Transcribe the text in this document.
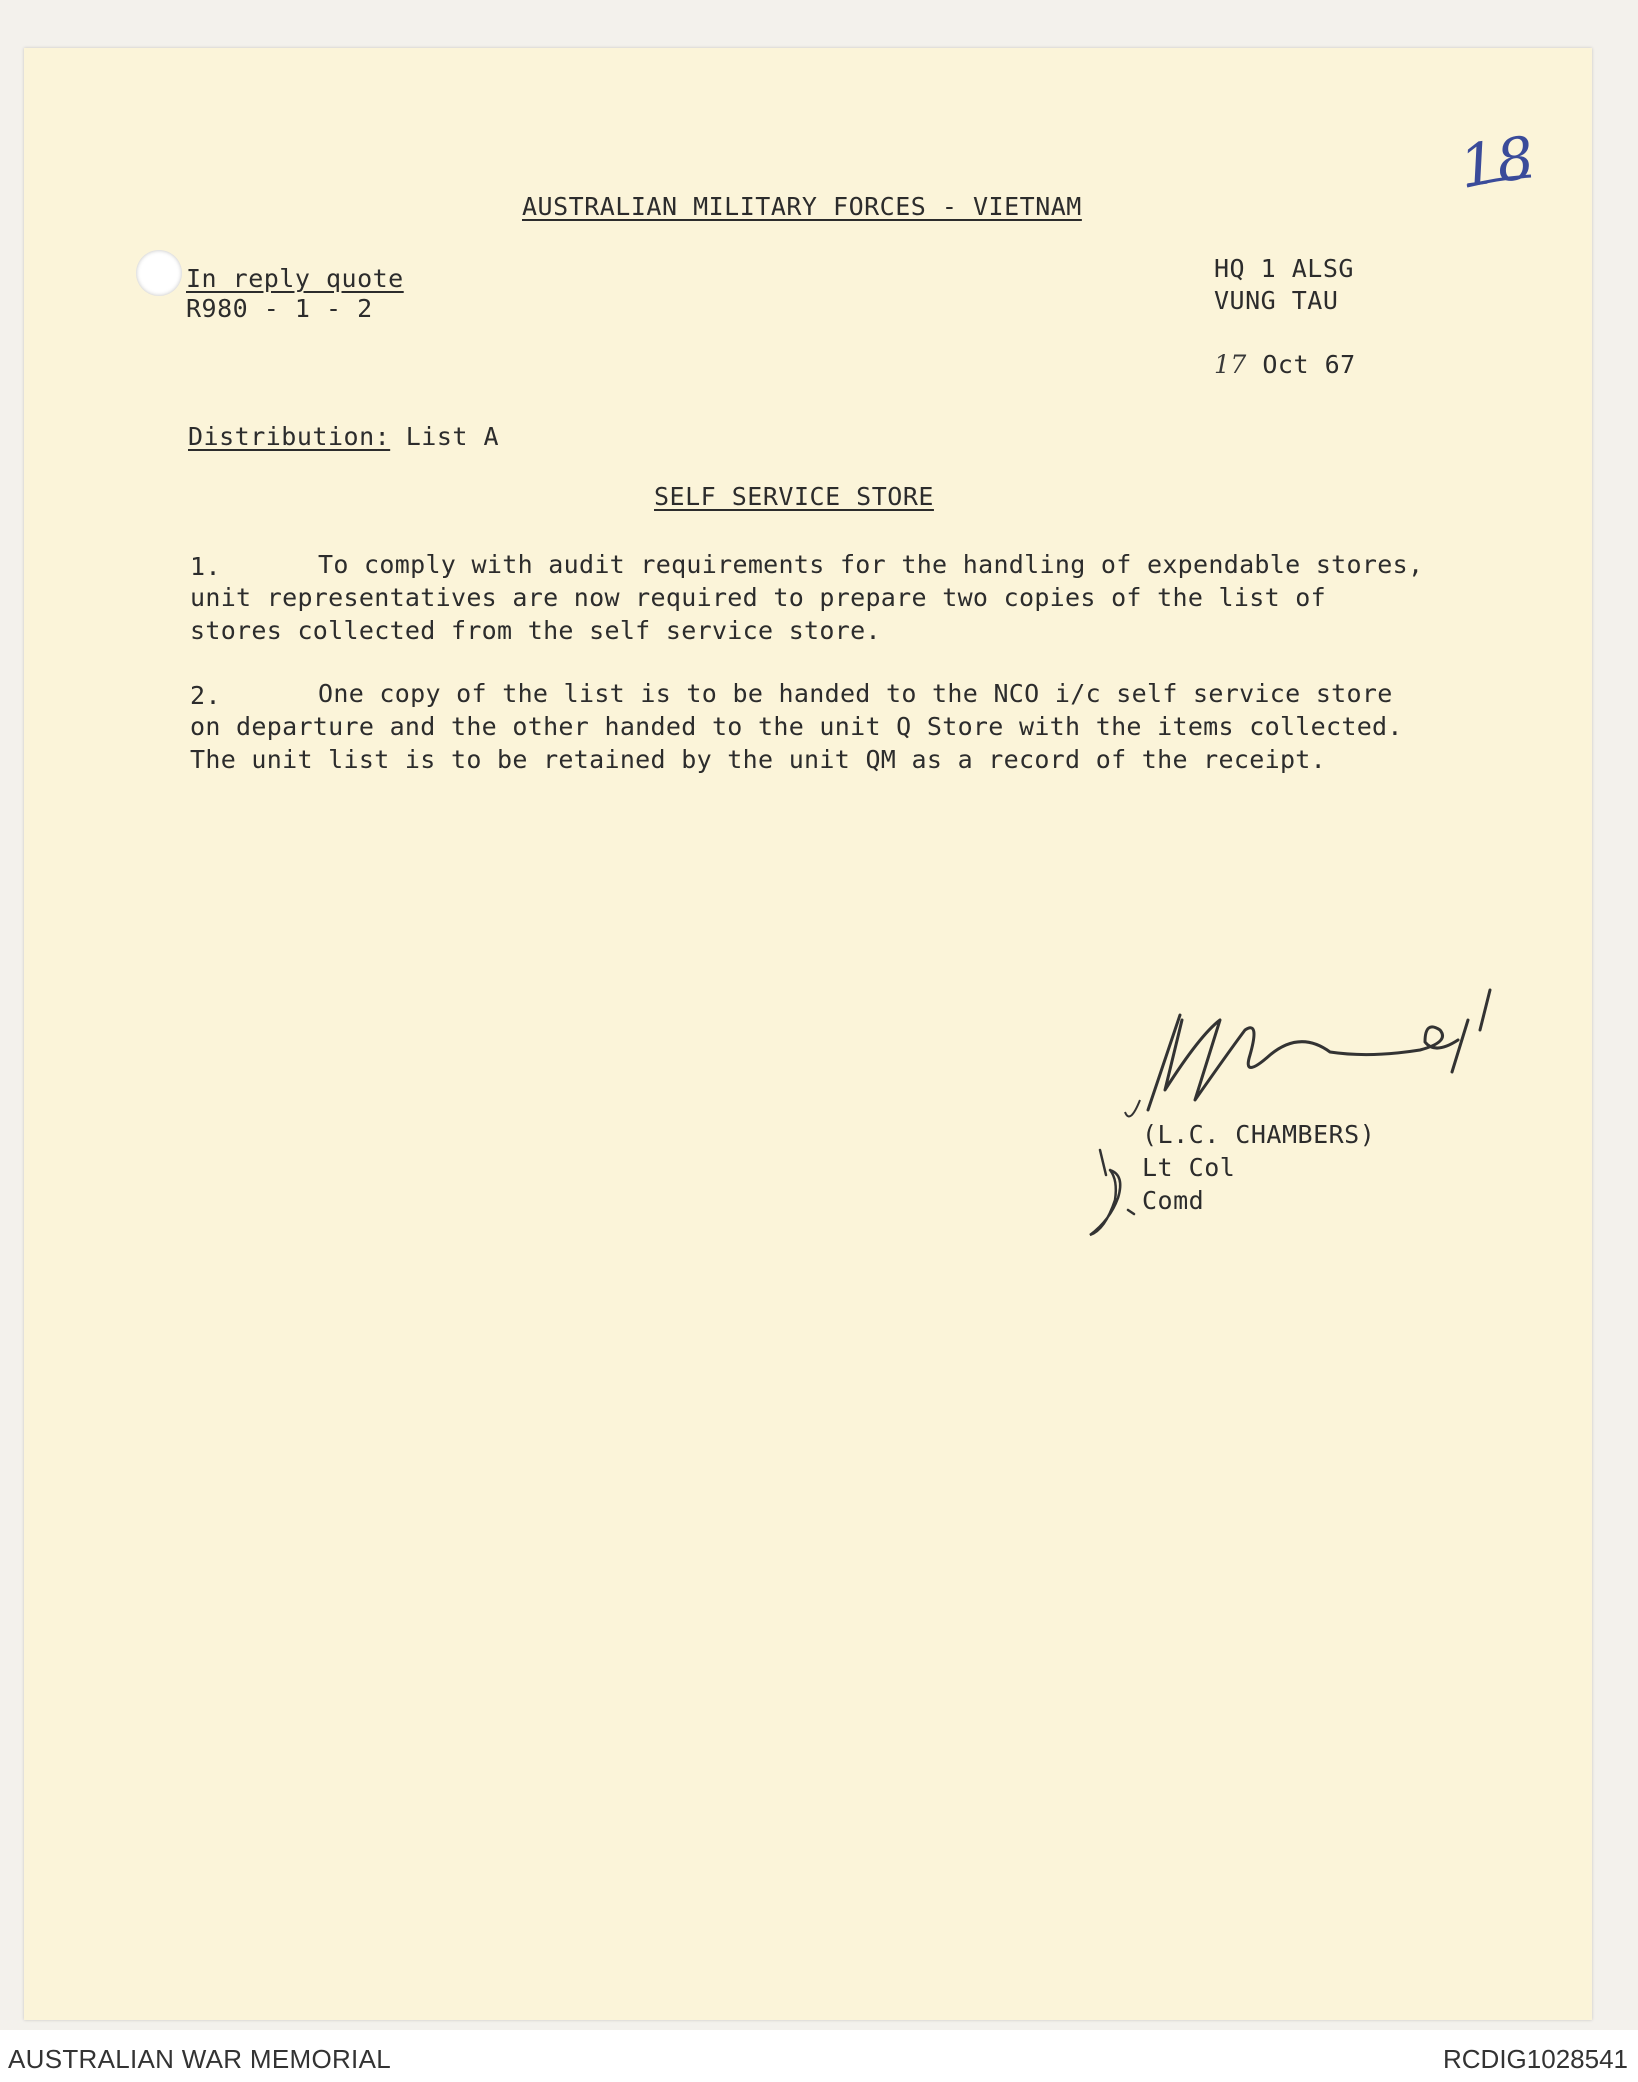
18
AUSTRALIAN MILITARY FORCES - VIETNAM
In reply quote
R980 - 1 - 2
HQ 1 ALSG
VUNG TAU
17 Oct 67
Distribution: List A
SELF SERVICE STORE
1.	To comply with audit requirements for the handling of expendable stores,
unit representatives are now required to prepare two copies of the list of
stores collected from the self service store.
2.	One copy of the list is to be handed to the NCO i/c self service store
on departure and the other handed to the unit Q Store with the items collected.
The unit list is to be retained by the unit QM as a record of the receipt.
(L.C. CHAMBERS)
Lt Col
Comd
AUSTRALIAN WAR MEMORIAL	RCDIG1028541
